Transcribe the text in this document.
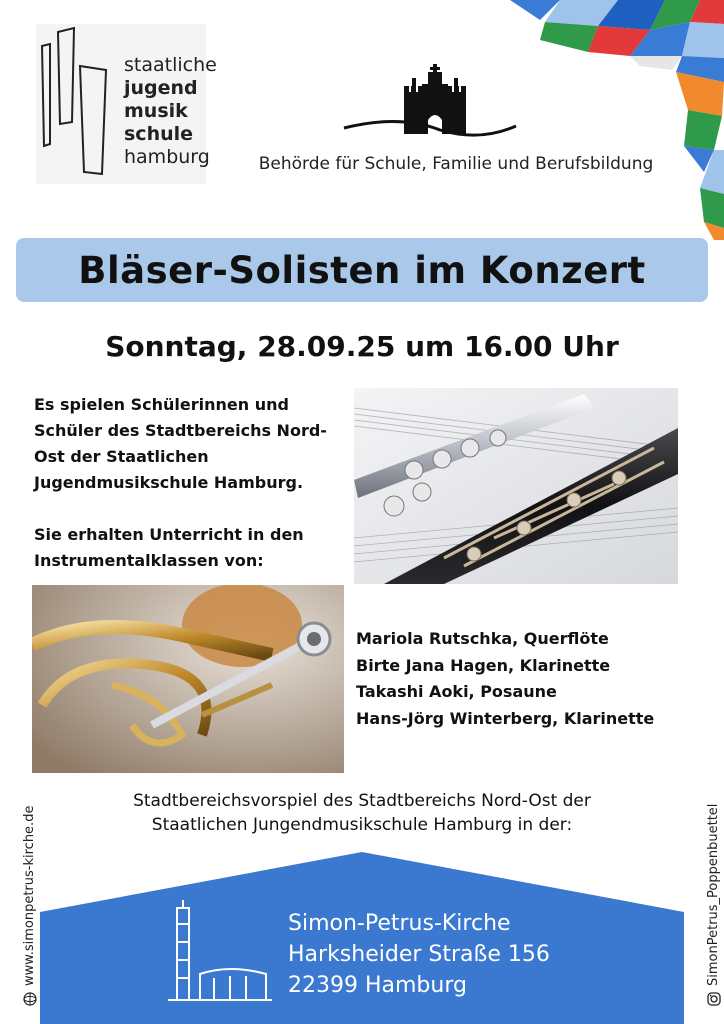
staatliche
jugend
musik
schule
hamburg	Behörde für Schule, Familie und Berufsbildung
Bläser-Solisten im Konzert
Sonntag, 28.09.25 um 16.00 Uhr
Es spielen Schülerinnen und
Schüler des Stadtbereichs Nord-
Ost der Staatlichen
Jugendmusikschule Hamburg.
Sie erhalten Unterricht in den
Instrumentalklassen von:
Mariola Rutschka, Querflöte
Birte Jana Hagen, Klarinette
Takashi Aoki, Posaune
Hans-Jörg Winterberg, Klarinette
Stadtbereichsvorspiel des Stadtbereichs Nord-Ost der
Staatlichen Jungendmusikschule Hamburg in der:
Simon-Petrus-Kirche
Harksheider Straße 156
22399 Hamburg
www.simonpetrus-kirche.de	SimonPetrus_Poppenbuettel
